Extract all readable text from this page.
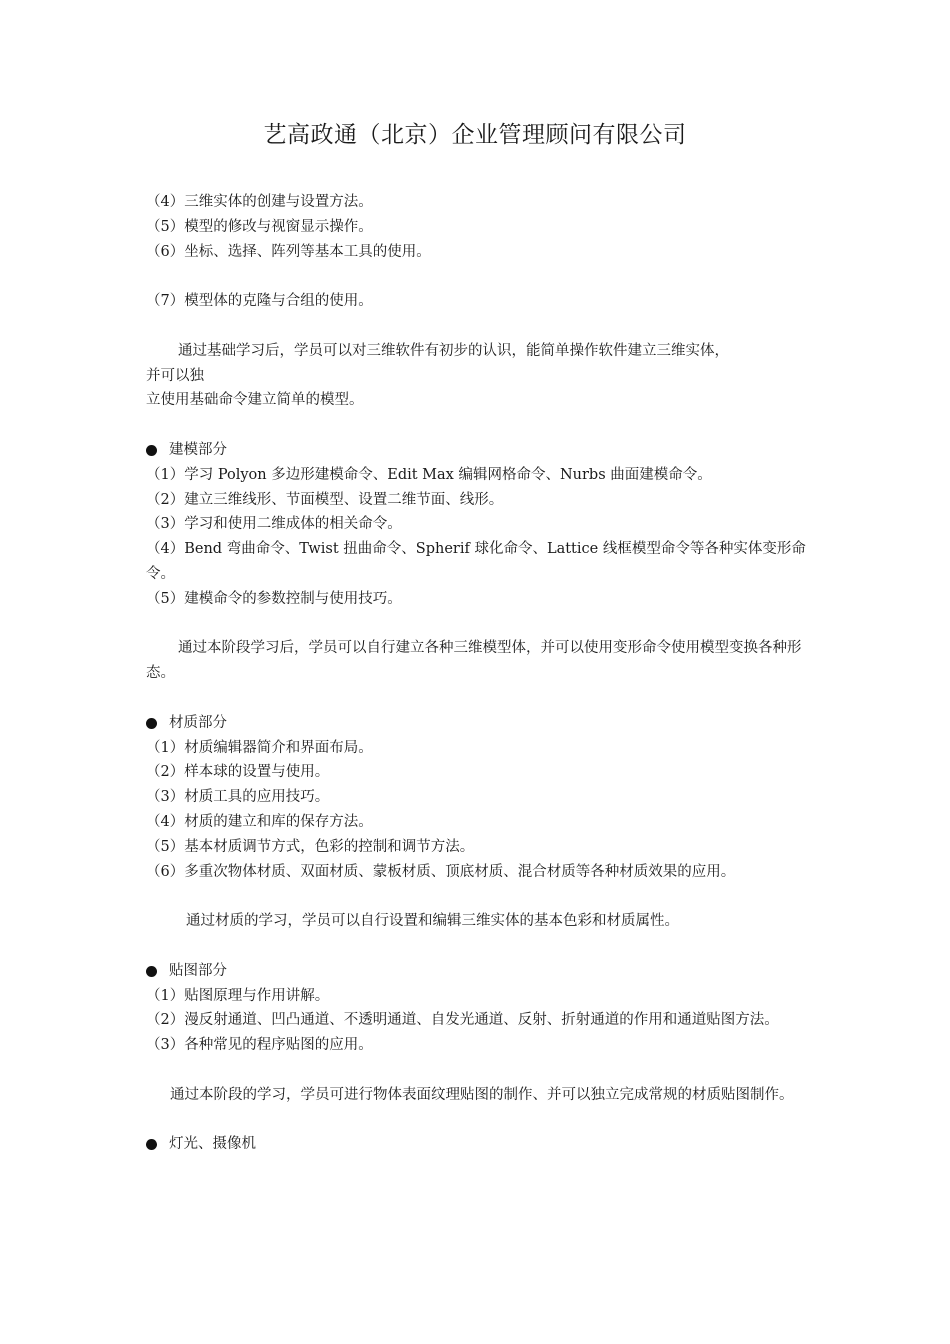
艺高政通（北京）企业管理顾问有限公司
（4）三维实体的创建与设置方法。
（5）模型的修改与视窗显示操作。
（6）坐标、选择、阵列等基本工具的使用。
（7）模型体的克隆与合组的使用。
通过基础学习后，学员可以对三维软件有初步的认识，能简单操作软件建立三维实体，
并可以独
立使用基础命令建立简单的模型。
建模部分
（1）学习 Polyon 多边形建模命令、Edit Max 编辑网格命令、Nurbs 曲面建模命令。
（2）建立三维线形、节面模型、设置二维节面、线形。
（3）学习和使用二维成体的相关命令。
（4）Bend 弯曲命令、Twist 扭曲命令、Spherif 球化命令、Lattice 线框模型命令等各种实体变形命令。
（5）建模命令的参数控制与使用技巧。
通过本阶段学习后，学员可以自行建立各种三维模型体，并可以使用变形命令使用模型变换各种形态。
材质部分
（1）材质编辑器简介和界面布局。
（2）样本球的设置与使用。
（3）材质工具的应用技巧。
（4）材质的建立和库的保存方法。
（5）基本材质调节方式，色彩的控制和调节方法。
（6）多重次物体材质、双面材质、蒙板材质、顶底材质、混合材质等各种材质效果的应用。
通过材质的学习，学员可以自行设置和编辑三维实体的基本色彩和材质属性。
贴图部分
（1）贴图原理与作用讲解。
（2）漫反射通道、凹凸通道、不透明通道、自发光通道、反射、折射通道的作用和通道贴图方法。
（3）各种常见的程序贴图的应用。
通过本阶段的学习，学员可进行物体表面纹理贴图的制作、并可以独立完成常规的材质贴图制作。
灯光、摄像机
